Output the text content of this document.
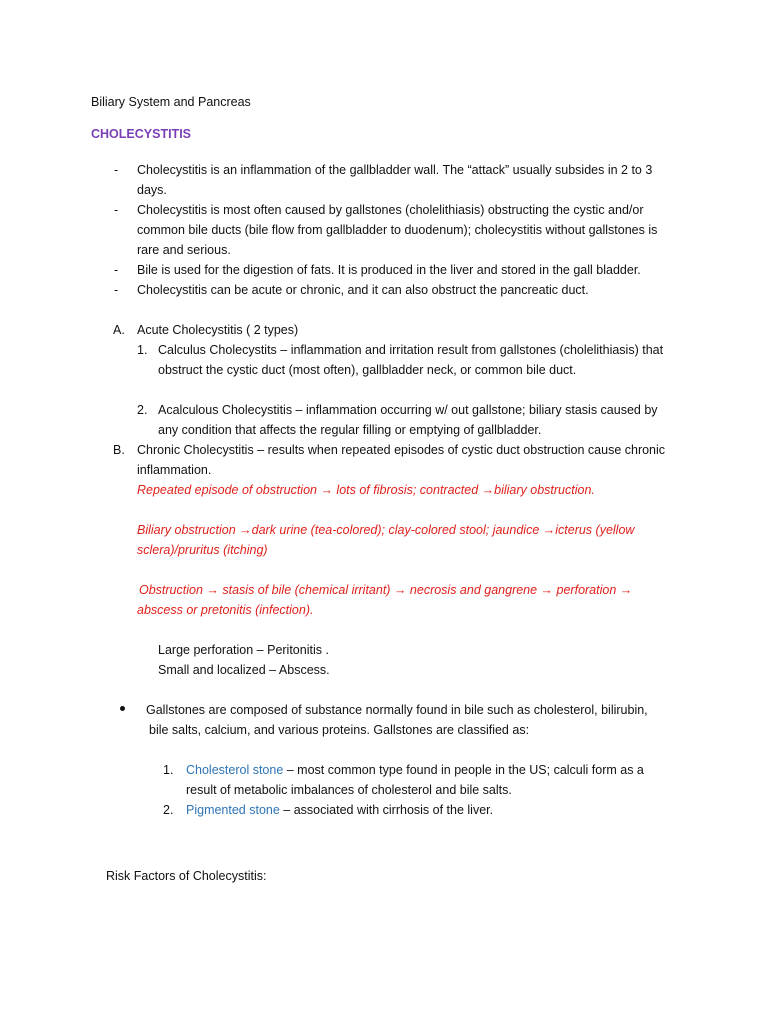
Biliary System and Pancreas
CHOLECYSTITIS
- Cholecystitis is an inflammation of the gallbladder wall. The “attack” usually subsides in 2 to 3
days.
- Cholecystitis is most often caused by gallstones (cholelithiasis) obstructing the cystic and/or
common bile ducts (bile flow from gallbladder to duodenum); cholecystitis without gallstones is
rare and serious.
- Bile is used for the digestion of fats. It is produced in the liver and stored in the gall bladder.
- Cholecystitis can be acute or chronic, and it can also obstruct the pancreatic duct.
A. Acute Cholecystitis ( 2 types)
1. Calculus Cholecystits – inflammation and irritation result from gallstones (cholelithiasis) that
obstruct the cystic duct (most often), gallbladder neck, or common bile duct.
2. Acalculous Cholecystitis – inflammation occurring w/ out gallstone; biliary stasis caused by
any condition that affects the regular filling or emptying of gallbladder.
B. Chronic Cholecystitis – results when repeated episodes of cystic duct obstruction cause chronic
inflammation.
Repeated episode of obstruction → lots of fibrosis; contracted →biliary obstruction.
Biliary obstruction →dark urine (tea-colored); clay-colored stool; jaundice →icterus (yellow
sclera)/pruritus (itching)
Obstruction → stasis of bile (chemical irritant) → necrosis and gangrene → perforation →
abscess or pretonitis (infection).
Large perforation – Peritonitis .
Small and localized – Abscess.
Gallstones are composed of substance normally found in bile such as cholesterol, bilirubin,
bile salts, calcium, and various proteins. Gallstones are classified as:
1. Cholesterol stone – most common type found in people in the US; calculi form as a
result of metabolic imbalances of cholesterol and bile salts.
2. Pigmented stone – associated with cirrhosis of the liver.
Risk Factors of Cholecystitis:
